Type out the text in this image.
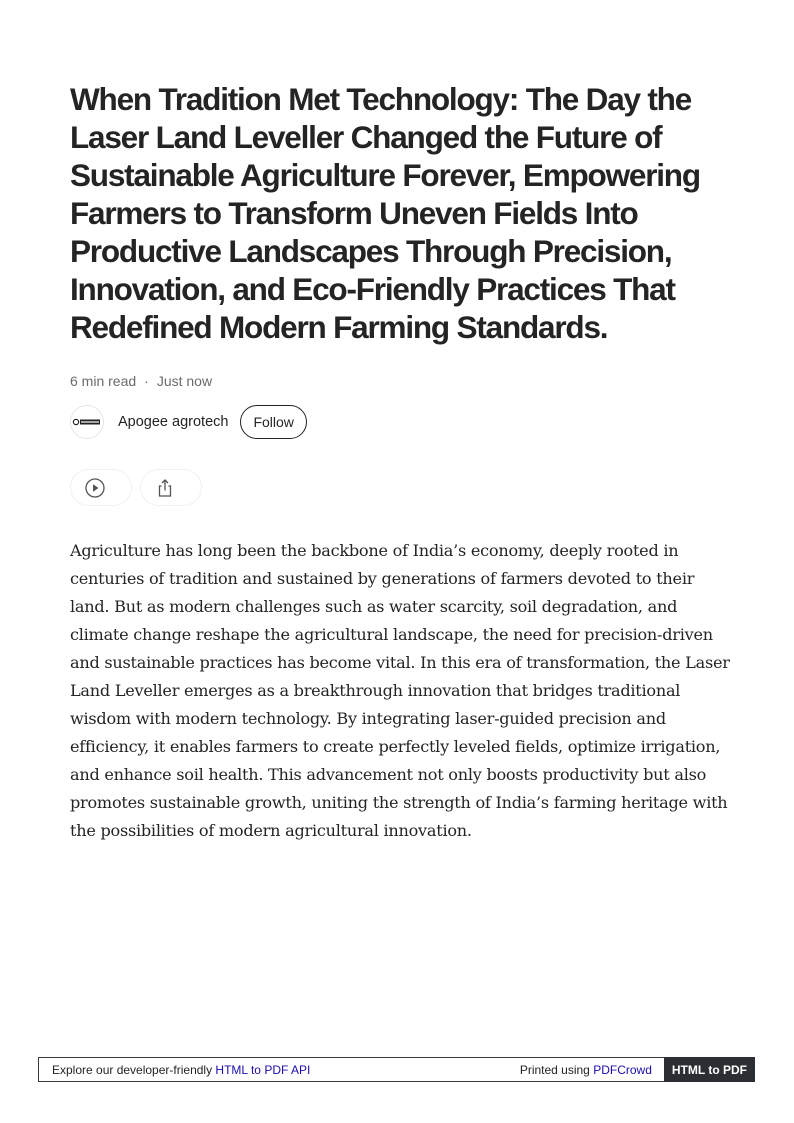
When Tradition Met Technology: The Day the Laser Land Leveller Changed the Future of Sustainable Agriculture Forever, Empowering Farmers to Transform Uneven Fields Into Productive Landscapes Through Precision, Innovation, and Eco-Friendly Practices That Redefined Modern Farming Standards.
6 min read · Just now
Apogee agrotech	Follow

Agriculture has long been the backbone of India’s economy, deeply rooted in centuries of tradition and sustained by generations of farmers devoted to their land. But as modern challenges such as water scarcity, soil degradation, and climate change reshape the agricultural landscape, the need for precision-driven and sustainable practices has become vital. In this era of transformation, the Laser Land Leveller emerges as a breakthrough innovation that bridges traditional wisdom with modern technology. By integrating laser-guided precision and efficiency, it enables farmers to create perfectly leveled fields, optimize irrigation, and enhance soil health. This advancement not only boosts productivity but also promotes sustainable growth, uniting the strength of India’s farming heritage with the possibilities of modern agricultural innovation.

Explore our developer-friendly HTML to PDF API	Printed using PDFCrowd	HTML to PDF
